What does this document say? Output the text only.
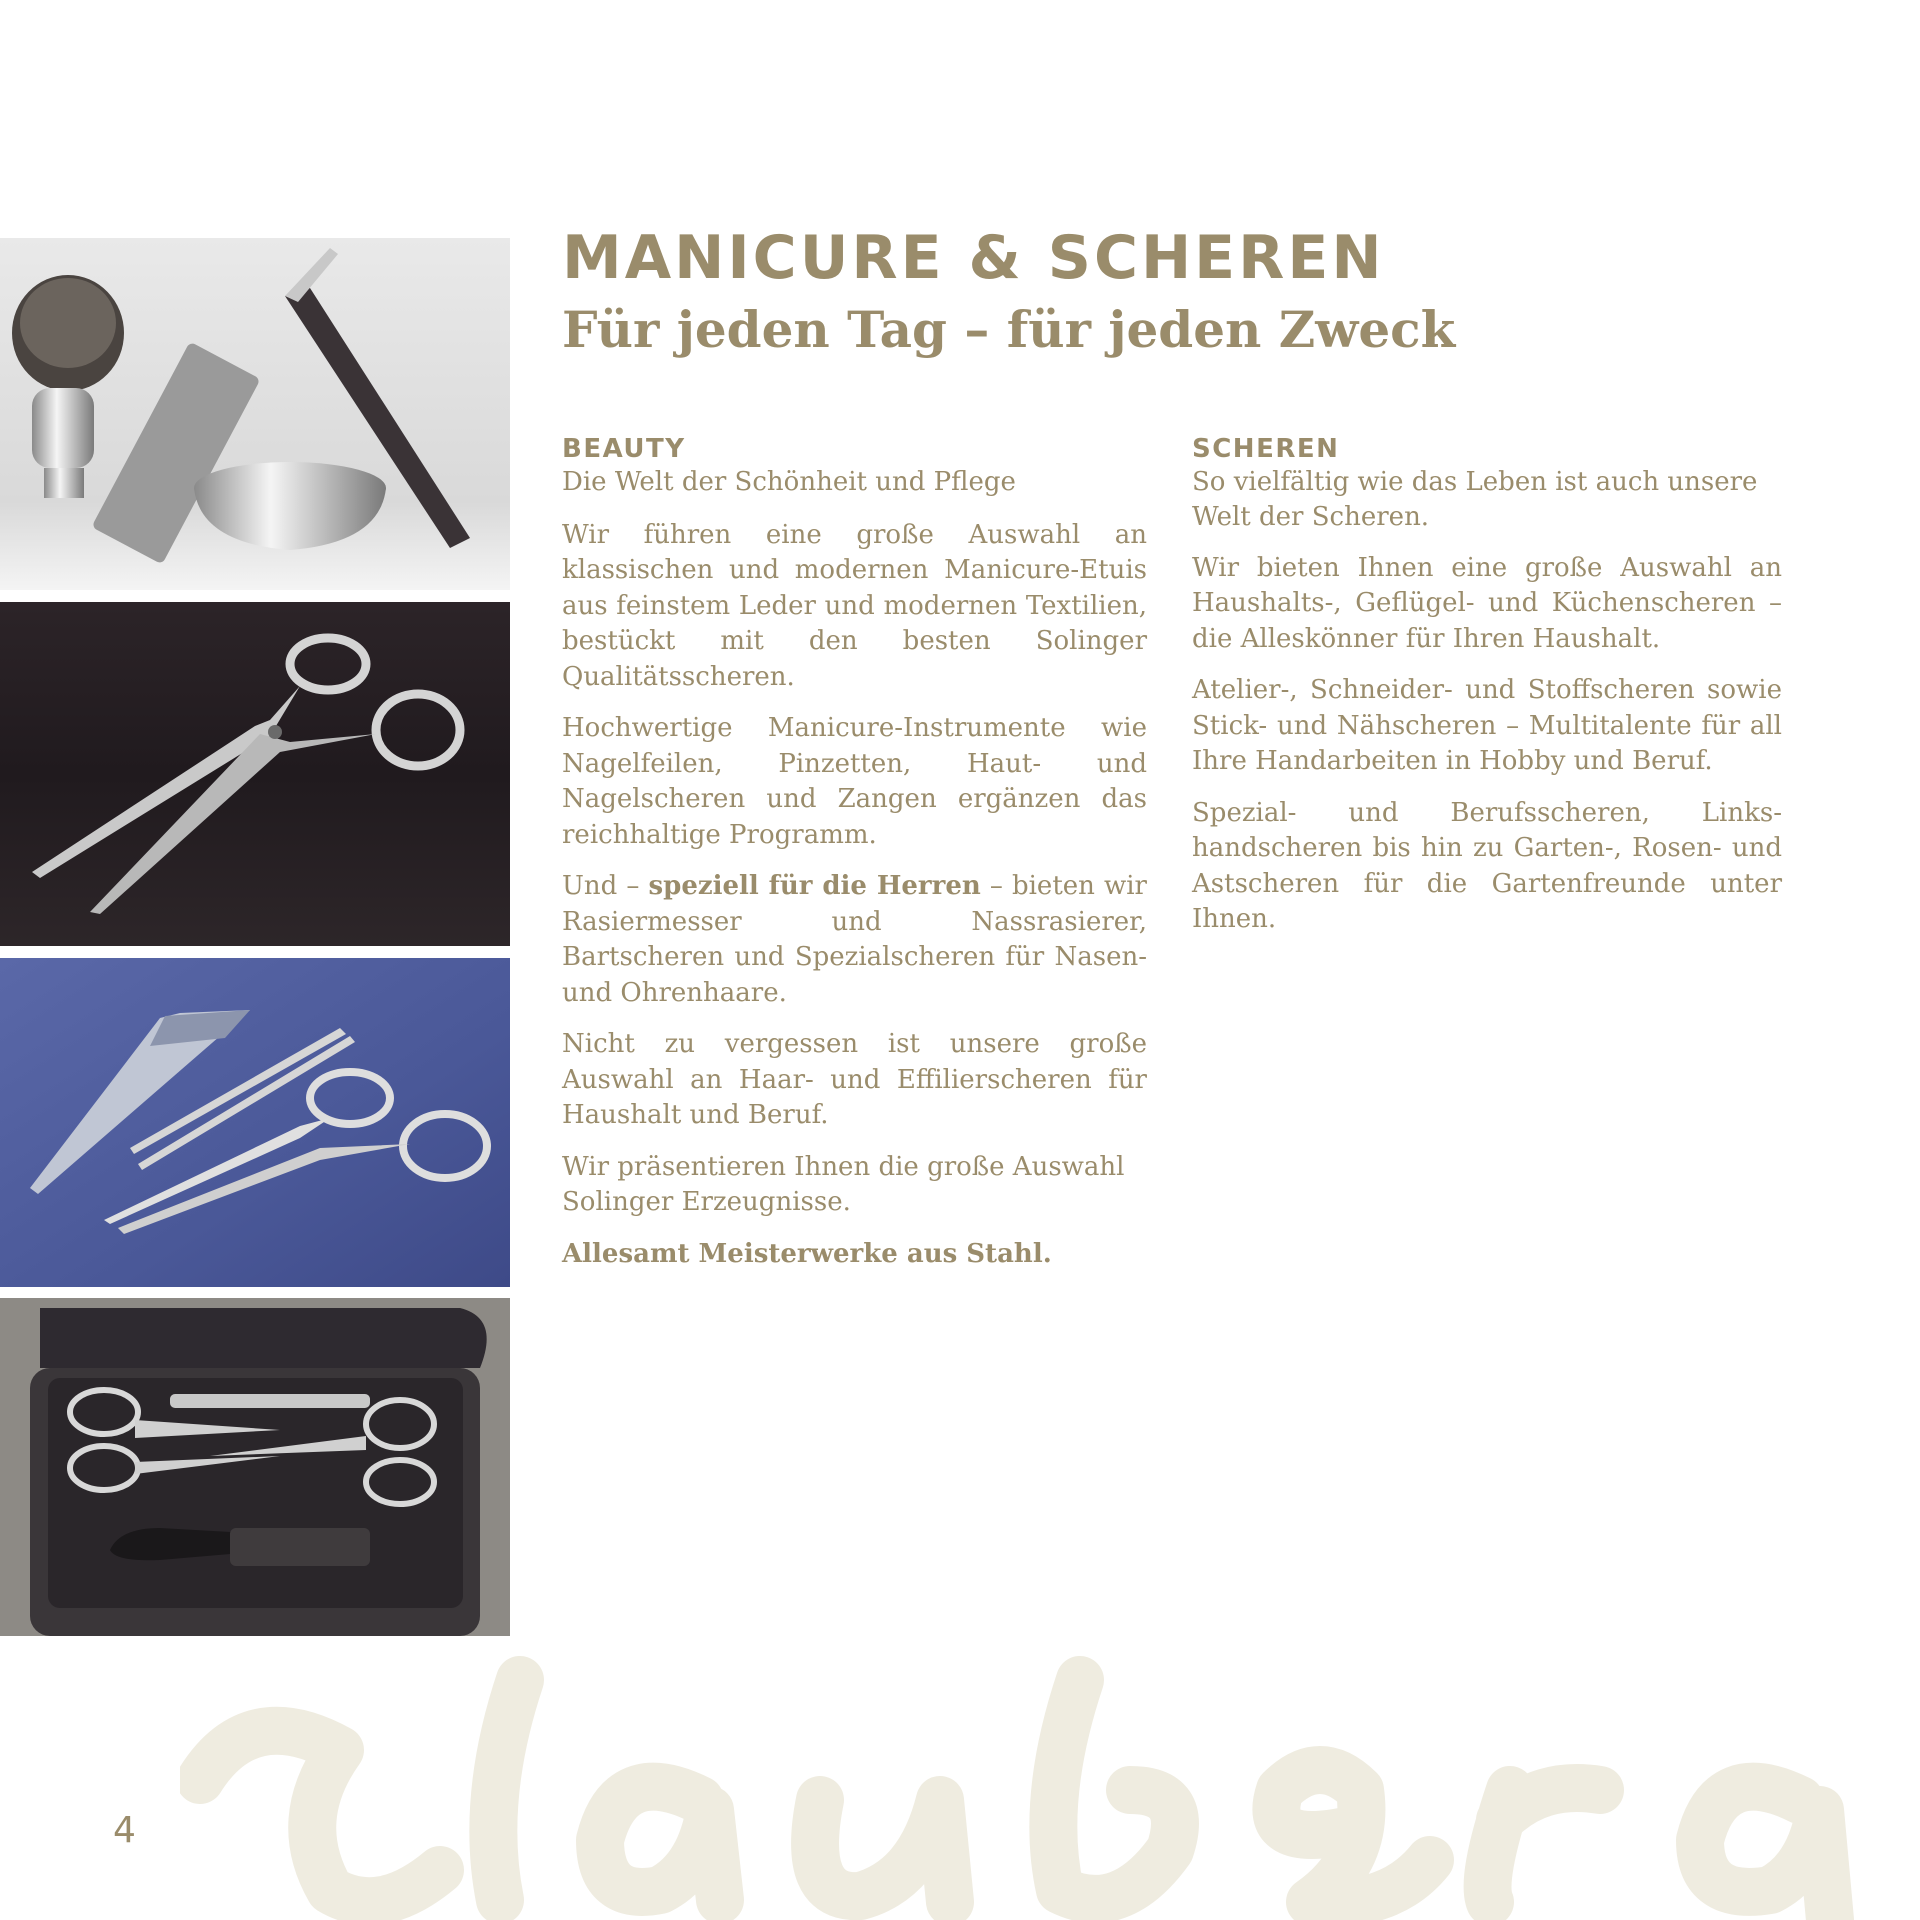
MANICURE & SCHEREN
Für jeden Tag – für jeden Zweck
BEAUTY

Die Welt der Schönheit und Pflege

Wir führen eine große Auswahl an klassischen und modernen Manicure-Etuis aus feinstem Leder und modernen Textilien, bestückt mit den besten Solinger Qualitätsscheren.

Hochwertige Manicure-Instrumente wie Nagelfeilen, Pinzetten, Haut- und Nagelscheren und Zangen ergänzen das reichhaltige Programm.

Und – speziell für die Herren – bieten wir Rasiermesser und Nassrasierer, Bartscheren und Spezialscheren für Nasen- und Ohrenhaare.

Nicht zu vergessen ist unsere große Auswahl an Haar- und Effilierscheren für Haushalt und Beruf.

Wir präsentieren Ihnen die große Auswahl Solinger Erzeugnisse.

Allesamt Meisterwerke aus Stahl.

SCHEREN

So vielfältig wie das Leben ist auch unsere Welt der Scheren.

Wir bieten Ihnen eine große Auswahl an Haushalts-, Geflügel- und Küchenscheren – die Alleskönner für Ihren Haushalt.

Atelier-, Schneider- und Stoffscheren sowie Stick- und Nähscheren – Multitalente für all Ihre Handarbeiten in Hobby und Beruf.

Spezial- und Berufsscheren, Linkshandscheren bis hin zu Garten-, Rosen- und Astscheren für die Gartenfreunde unter Ihnen.

4
